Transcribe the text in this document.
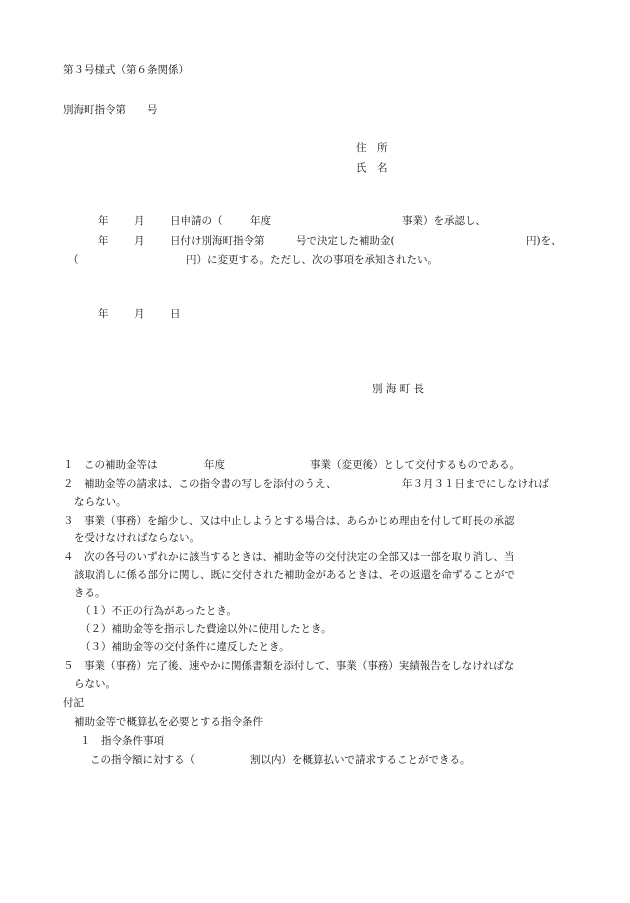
第３号様式（第６条関係）
別海町指令第　　号
住　所
氏　名
年 月 日申請の（	年度	事業）を承認し、
年 月 日付け別海町指令第	号で決定した補助金(	円)を、
（	円）に変更する。ただし、次の事項を承知されたい。
年 月 日
別 海 町 長
１　この補助金等は	年度	事業（変更後）として交付するものである。
２　補助金等の請求は、この指令書の写しを添付のうえ、	年３月３１日までにしなければ
ならない。
３　事業（事務）を縮少し、又は中止しようとする場合は、あらかじめ理由を付して町長の承認
を受けなければならない。
４　次の各号のいずれかに該当するときは、補助金等の交付決定の全部又は一部を取り消し、当
該取消しに係る部分に関し、既に交付された補助金があるときは、その返還を命ずることがで
きる。
（１）不正の行為があったとき。
（２）補助金等を指示した費途以外に使用したとき。
（３）補助金等の交付条件に違反したとき。
５　事業（事務）完了後、速やかに関係書類を添付して、事業（事務）実績報告をしなければな
らない。
付記
補助金等で概算払を必要とする指令条件
１　指令条件事項
この指令額に対する（	割以内）を概算払いで請求することができる。
